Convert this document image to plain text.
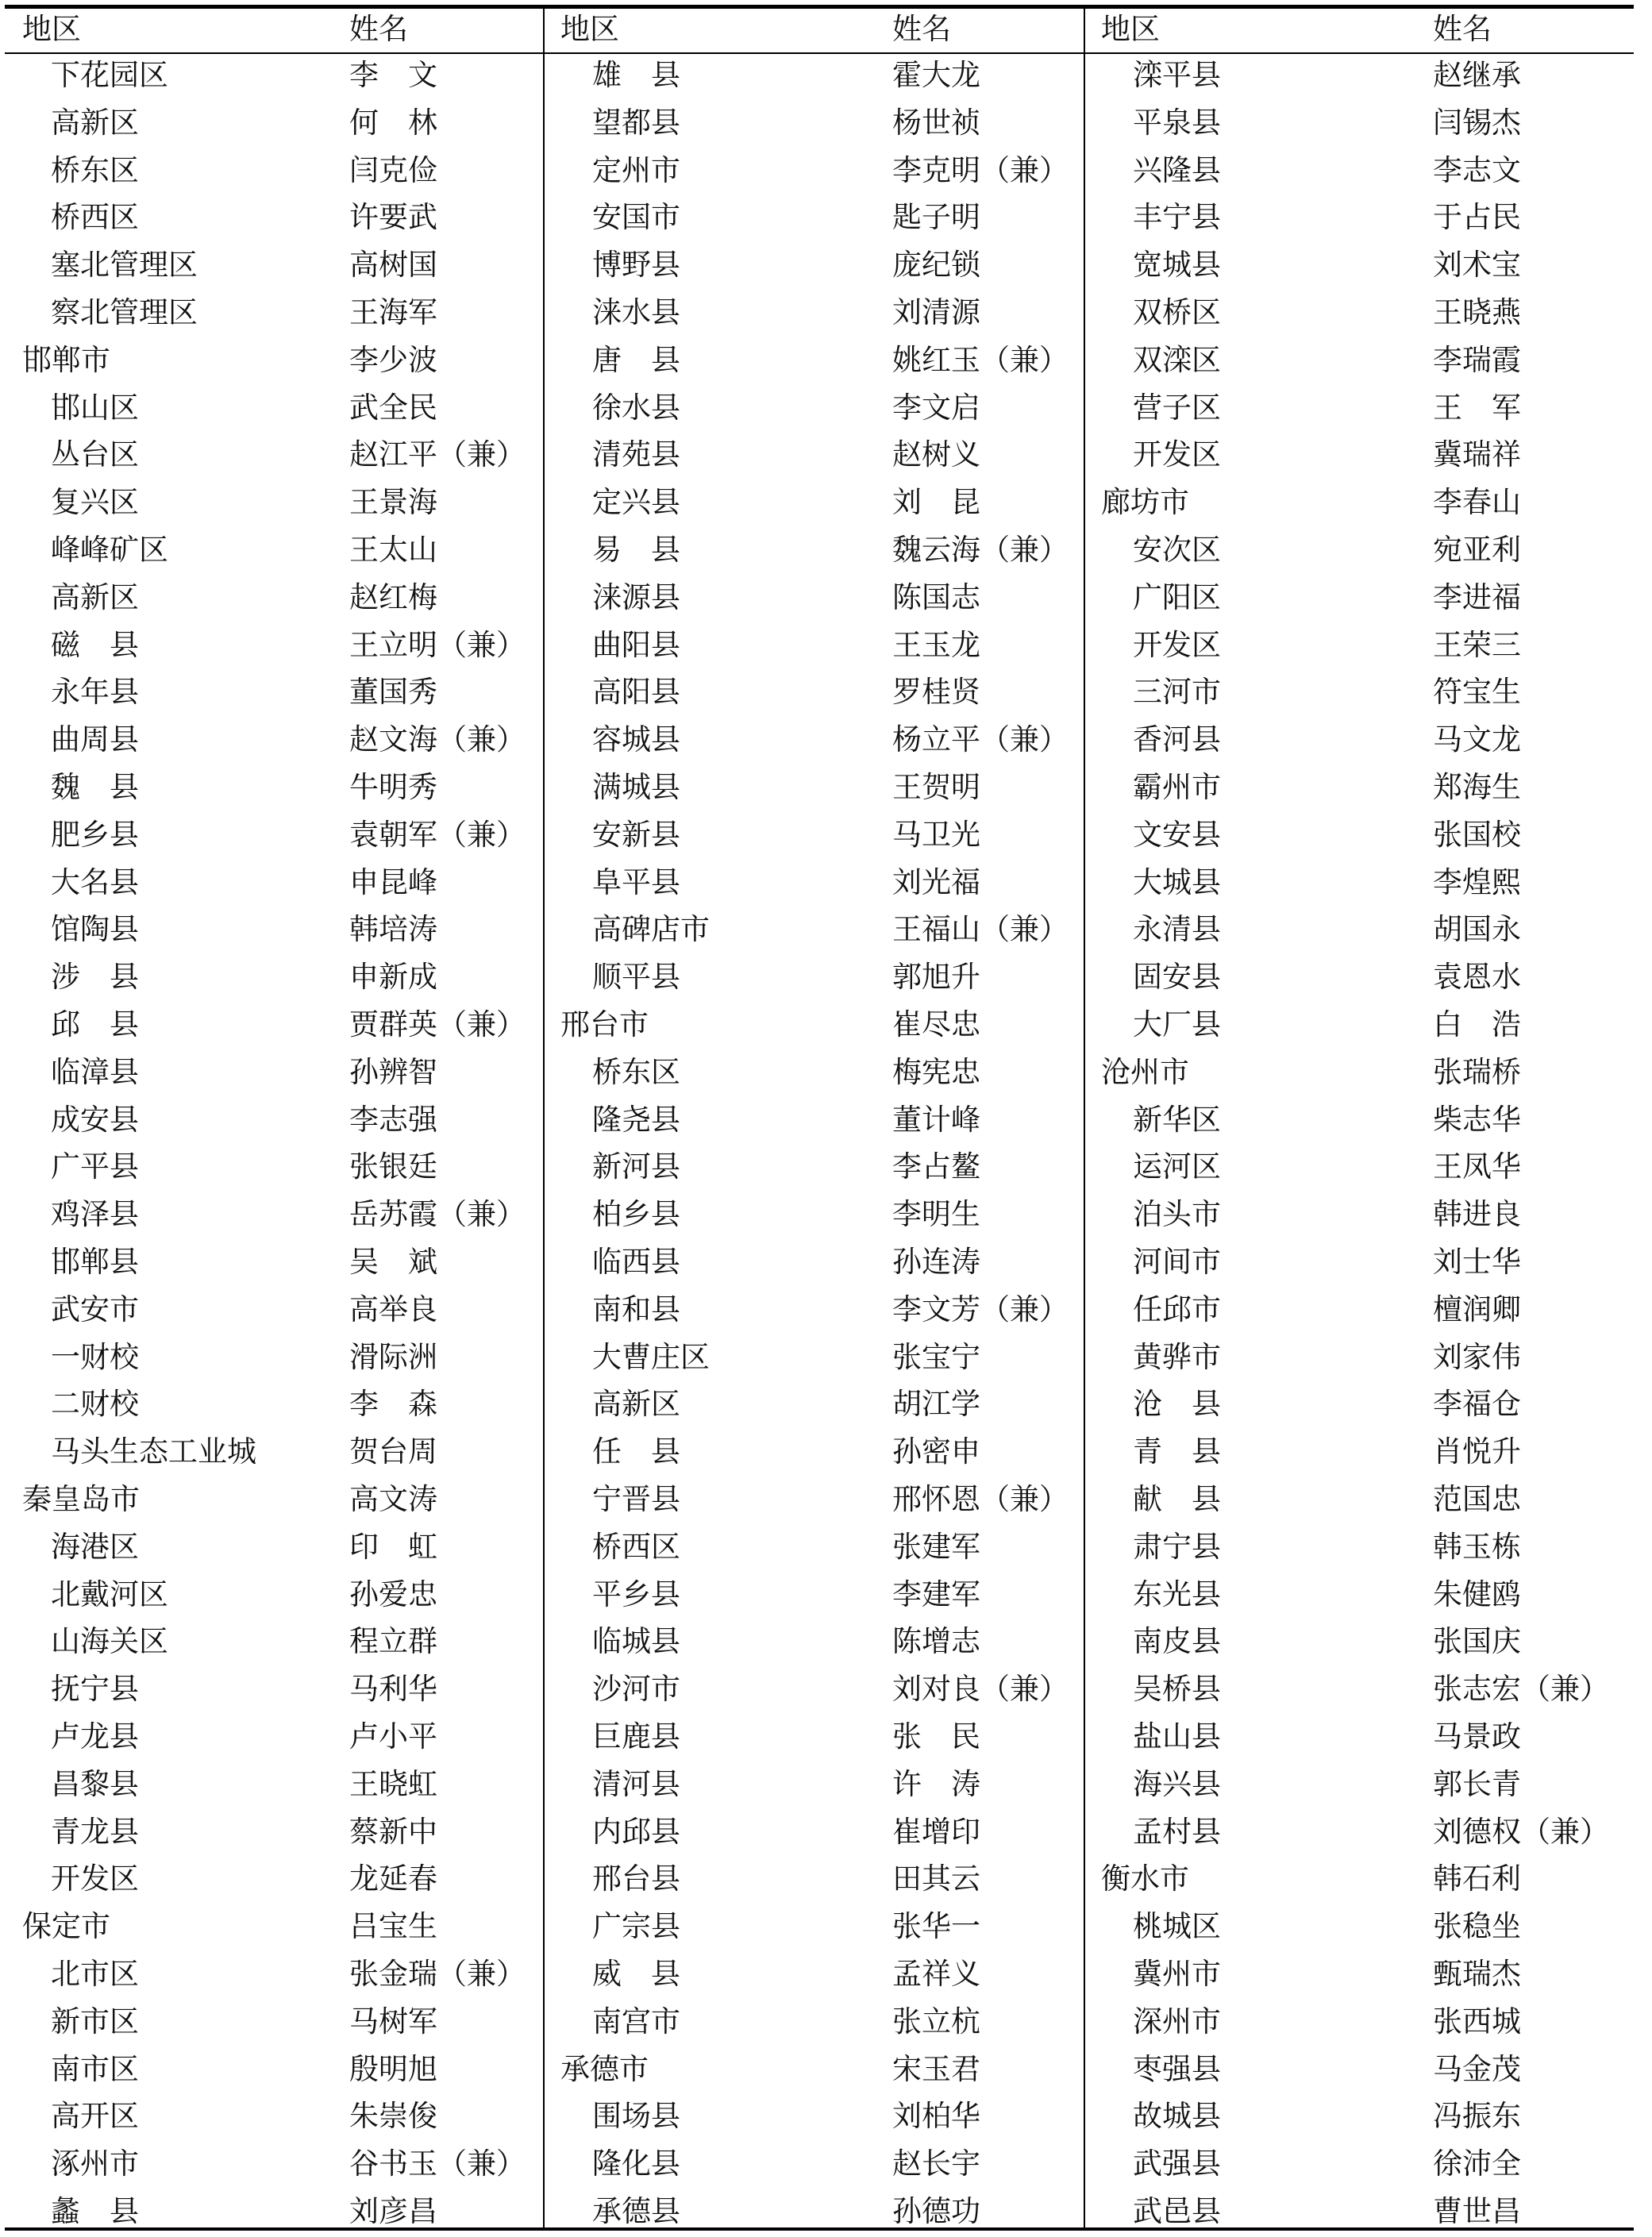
地区	姓名
下花园区	李　文
高新区	何　林
桥东区	闫克俭
桥西区	许要武
塞北管理区	高树国
察北管理区	王海军
邯郸市	李少波
邯山区	武全民
丛台区	赵江平（兼）
复兴区	王景海
峰峰矿区	王太山
高新区	赵红梅
磁　县	王立明（兼）
永年县	董国秀
曲周县	赵文海（兼）
魏　县	牛明秀
肥乡县	袁朝军（兼）
大名县	申昆峰
馆陶县	韩培涛
涉　县	申新成
邱　县	贾群英（兼）
临漳县	孙辨智
成安县	李志强
广平县	张银廷
鸡泽县	岳苏霞（兼）
邯郸县	吴　斌
武安市	高举良
一财校	滑际洲
二财校	李　森
马头生态工业城	贺台周
秦皇岛市	高文涛
海港区	印　虹
北戴河区	孙爱忠
山海关区	程立群
抚宁县	马利华
卢龙县	卢小平
昌黎县	王晓虹
青龙县	蔡新中
开发区	龙延春
保定市	吕宝生
北市区	张金瑞（兼）
新市区	马树军
南市区	殷明旭
高开区	朱崇俊
涿州市	谷书玉（兼）
蠡　县	刘彦昌
地区	姓名
雄　县	霍大龙
望都县	杨世祯
定州市	李克明（兼）
安国市	匙子明
博野县	庞纪锁
涞水县	刘清源
唐　县	姚红玉（兼）
徐水县	李文启
清苑县	赵树义
定兴县	刘　昆
易　县	魏云海（兼）
涞源县	陈国志
曲阳县	王玉龙
高阳县	罗桂贤
容城县	杨立平（兼）
满城县	王贺明
安新县	马卫光
阜平县	刘光福
高碑店市	王福山（兼）
顺平县	郭旭升
邢台市	崔尽忠
桥东区	梅宪忠
隆尧县	董计峰
新河县	李占鳌
柏乡县	李明生
临西县	孙连涛
南和县	李文芳（兼）
大曹庄区	张宝宁
高新区	胡江学
任　县	孙密申
宁晋县	邢怀恩（兼）
桥西区	张建军
平乡县	李建军
临城县	陈增志
沙河市	刘对良（兼）
巨鹿县	张　民
清河县	许　涛
内邱县	崔增印
邢台县	田其云
广宗县	张华一
威　县	孟祥义
南宫市	张立杭
承德市	宋玉君
围场县	刘柏华
隆化县	赵长宇
承德县	孙德功
地区	姓名
滦平县	赵继承
平泉县	闫锡杰
兴隆县	李志文
丰宁县	于占民
宽城县	刘术宝
双桥区	王晓燕
双滦区	李瑞霞
营子区	王　军
开发区	冀瑞祥
廊坊市	李春山
安次区	宛亚利
广阳区	李进福
开发区	王荣三
三河市	符宝生
香河县	马文龙
霸州市	郑海生
文安县	张国校
大城县	李煌熙
永清县	胡国永
固安县	袁恩水
大厂县	白　浩
沧州市	张瑞桥
新华区	柴志华
运河区	王凤华
泊头市	韩进良
河间市	刘士华
任邱市	檀润卿
黄骅市	刘家伟
沧　县	李福仓
青　县	肖悦升
献　县	范国忠
肃宁县	韩玉栋
东光县	朱健鸥
南皮县	张国庆
吴桥县	张志宏（兼）
盐山县	马景政
海兴县	郭长青
孟村县	刘德权（兼）
衡水市	韩石利
桃城区	张稳坐
冀州市	甄瑞杰
深州市	张西城
枣强县	马金茂
故城县	冯振东
武强县	徐沛全
武邑县	曹世昌
